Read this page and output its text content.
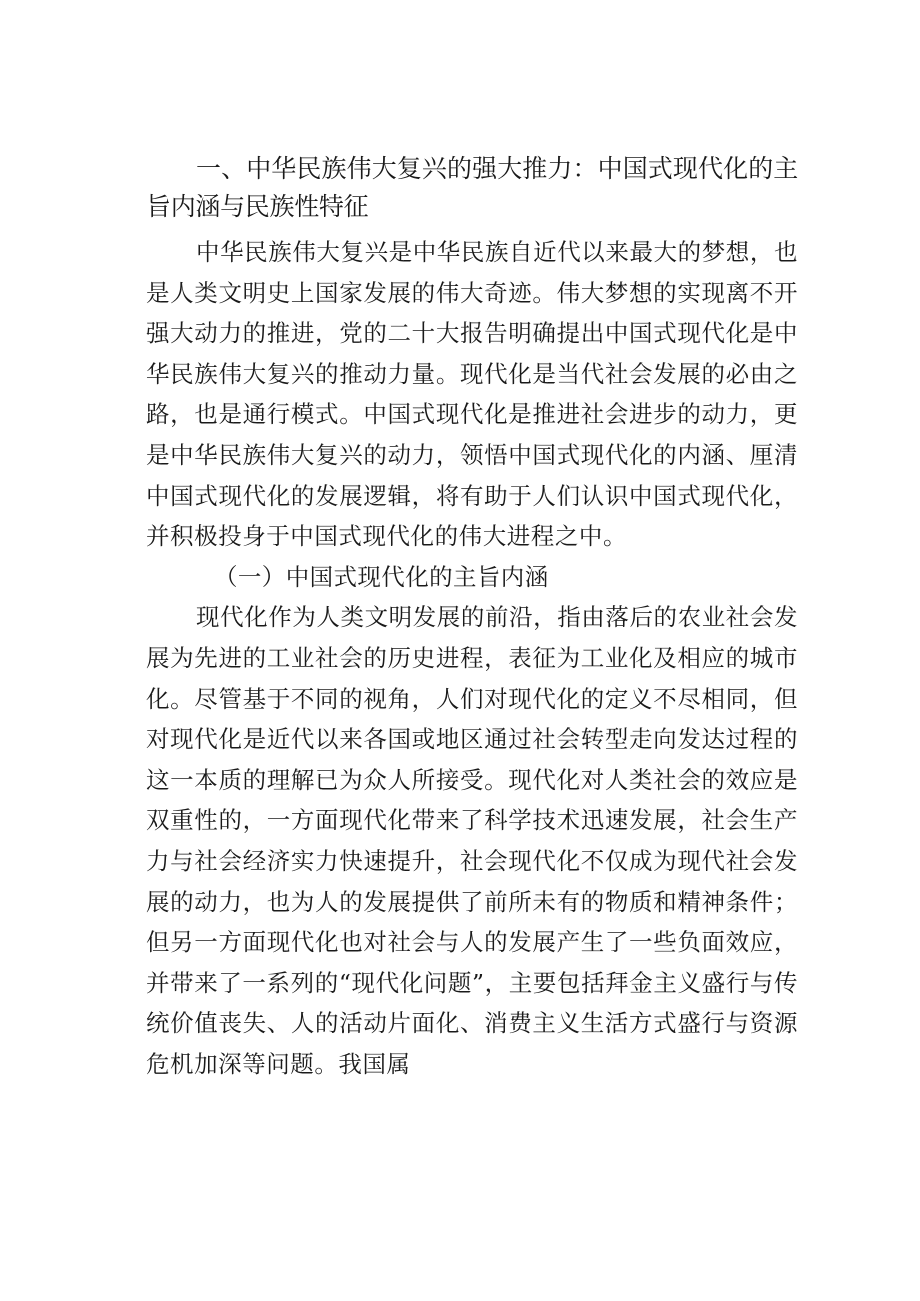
一、中华民族伟大复兴的强大推力：中国式现代化的主旨内涵与民族性特征

中华民族伟大复兴是中华民族自近代以来最大的梦想，也是人类文明史上国家发展的伟大奇迹。伟大梦想的实现离不开强大动力的推进，党的二十大报告明确提出中国式现代化是中华民族伟大复兴的推动力量。现代化是当代社会发展的必由之路，也是通行模式。中国式现代化是推进社会进步的动力，更是中华民族伟大复兴的动力，领悟中国式现代化的内涵、厘清中国式现代化的发展逻辑，将有助于人们认识中国式现代化，并积极投身于中国式现代化的伟大进程之中。

（一）中国式现代化的主旨内涵

现代化作为人类文明发展的前沿，指由落后的农业社会发展为先进的工业社会的历史进程，表征为工业化及相应的城市化。尽管基于不同的视角，人们对现代化的定义不尽相同，但对现代化是近代以来各国或地区通过社会转型走向发达过程的这一本质的理解已为众人所接受。现代化对人类社会的效应是双重性的，一方面现代化带来了科学技术迅速发展，社会生产力与社会经济实力快速提升，社会现代化不仅成为现代社会发展的动力，也为人的发展提供了前所未有的物质和精神条件；但另一方面现代化也对社会与人的发展产生了一些负面效应，并带来了一系列的“现代化问题”，主要包括拜金主义盛行与传统价值丧失、人的活动片面化、消费主义生活方式盛行与资源危机加深等问题。我国属
